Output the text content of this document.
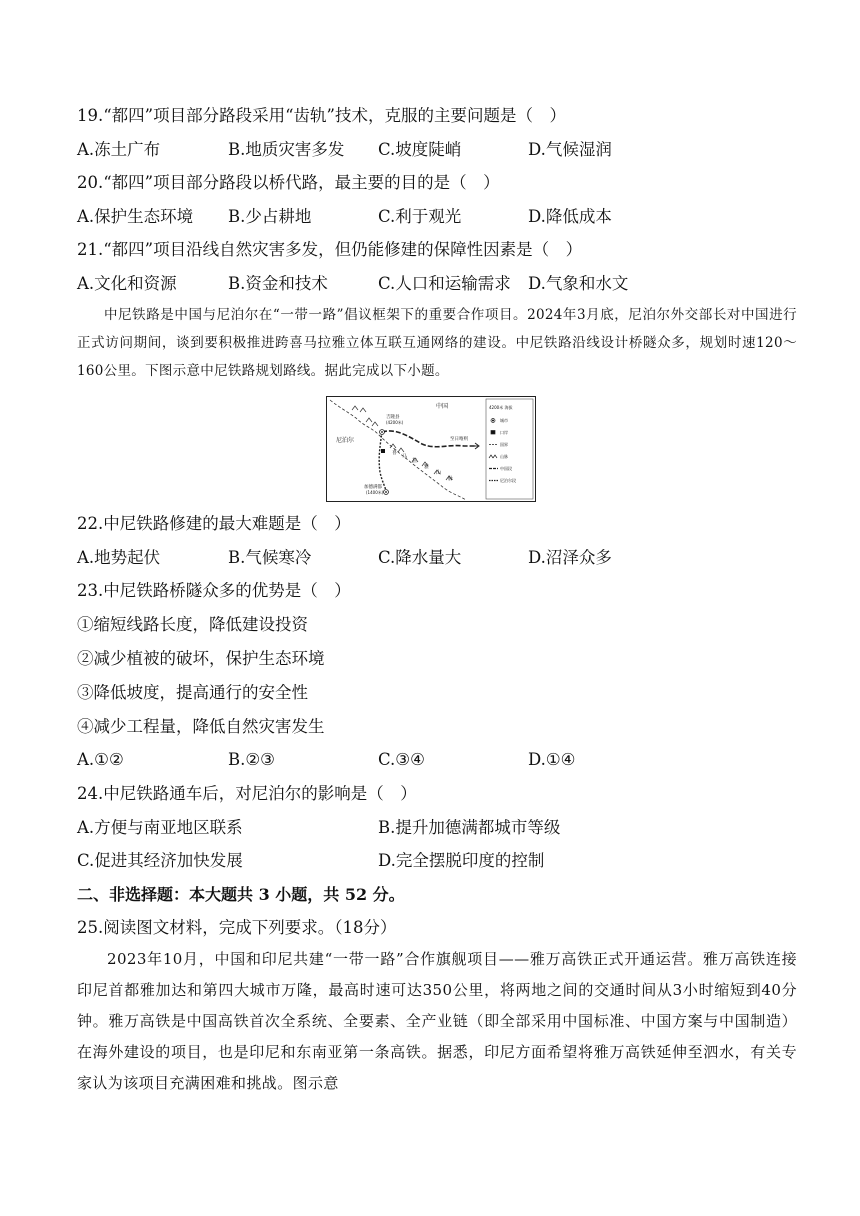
19.“都四”项目部分路段采用“齿轨”技术，克服的主要问题是（　）
A.冻土广布	B.地质灾害多发 C.坡度陡峭	D.气候湿润
20.“都四”项目部分路段以桥代路，最主要的目的是（　）
A.保护生态环境 B.少占耕地	C.利于观光	D.降低成本
21.“都四”项目沿线自然灾害多发，但仍能修建的保障性因素是（　）
A.文化和资源	B.资金和技术	C.人口和运输需求 D.气象和水文
中尼铁路是中国与尼泊尔在“一带一路”倡议框架下的重要合作项目。2024年3月底，尼泊尔外交部长对中国进行正式访问期间，谈到要积极推进跨喜马拉雅立体互联互通网络的建设。中尼铁路沿线设计桥隧众多，规划时速120～160公里。下图示意中尼铁路规划路线。据此完成以下小题。
中国
尼泊尔
吉隆县
(4200米)
加德满都
(1400米)
至日喀则
喜
马
拉
雅
山
脉
4200米 海拔
城市
口岸
国界
山脉
中国段
尼泊尔段
22.中尼铁路修建的最大难题是（　）
A.地势起伏	B.气候寒冷	C.降水量大	D.沼泽众多
23.中尼铁路桥隧众多的优势是（　）
①缩短线路长度，降低建设投资
②减少植被的破坏，保护生态环境
③降低坡度，提高通行的安全性
④减少工程量，降低自然灾害发生
A.①②	B.②③	C.③④	D.①④
24.中尼铁路通车后，对尼泊尔的影响是（　）
A.方便与南亚地区联系	B.提升加德满都城市等级
C.促进其经济加快发展	D.完全摆脱印度的控制
二、非选择题：本大题共 3 小题，共 52 分。
25.阅读图文材料，完成下列要求。（18分）
2023年10月，中国和印尼共建“一带一路”合作旗舰项目——雅万高铁正式开通运营。雅万高铁连接印尼首都雅加达和第四大城市万隆，最高时速可达350公里，将两地之间的交通时间从3小时缩短到40分钟。雅万高铁是中国高铁首次全系统、全要素、全产业链（即全部采用中国标准、中国方案与中国制造）在海外建设的项目，也是印尼和东南亚第一条高铁。据悉，印尼方面希望将雅万高铁延伸至泗水，有关专家认为该项目充满困难和挑战。图示意
